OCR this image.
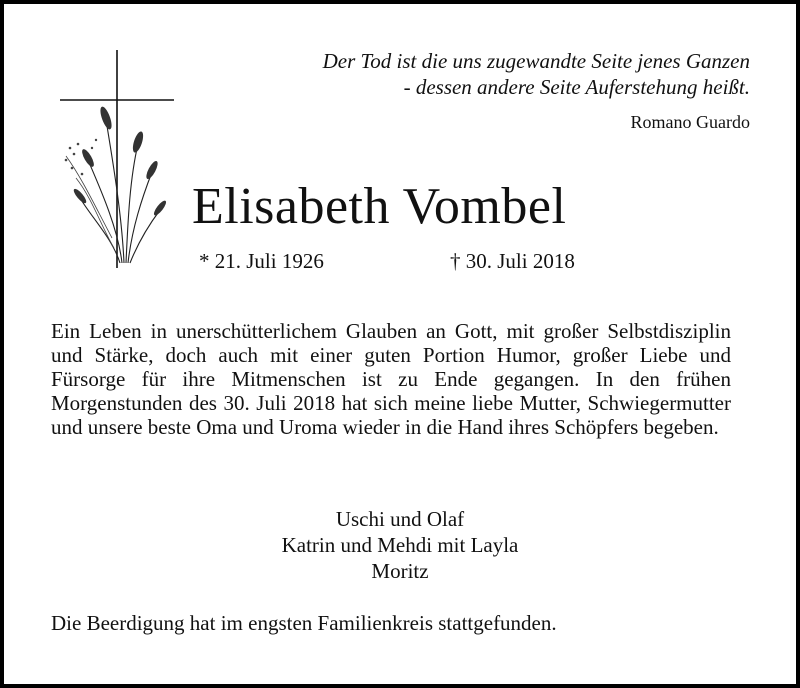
Der Tod ist die uns zugewandte Seite jenes Ganzen
- dessen andere Seite Auferstehung heißt.
Romano Guardo
Elisabeth Vombel
* 21. Juli 1926	† 30. Juli 2018
Ein Leben in unerschütterlichem Glauben an Gott, mit großer Selbstdisziplin und Stärke, doch auch mit einer guten Portion Humor, großer Liebe und Fürsorge für ihre Mitmenschen ist zu Ende gegangen. In den frühen Morgenstunden des 30. Juli 2018 hat sich meine liebe Mutter, Schwiegermutter und unsere beste Oma und Uroma wieder in die Hand ihres Schöpfers begeben.
Uschi und Olaf
Katrin und Mehdi mit Layla
Moritz
Die Beerdigung hat im engsten Familienkreis stattgefunden.
